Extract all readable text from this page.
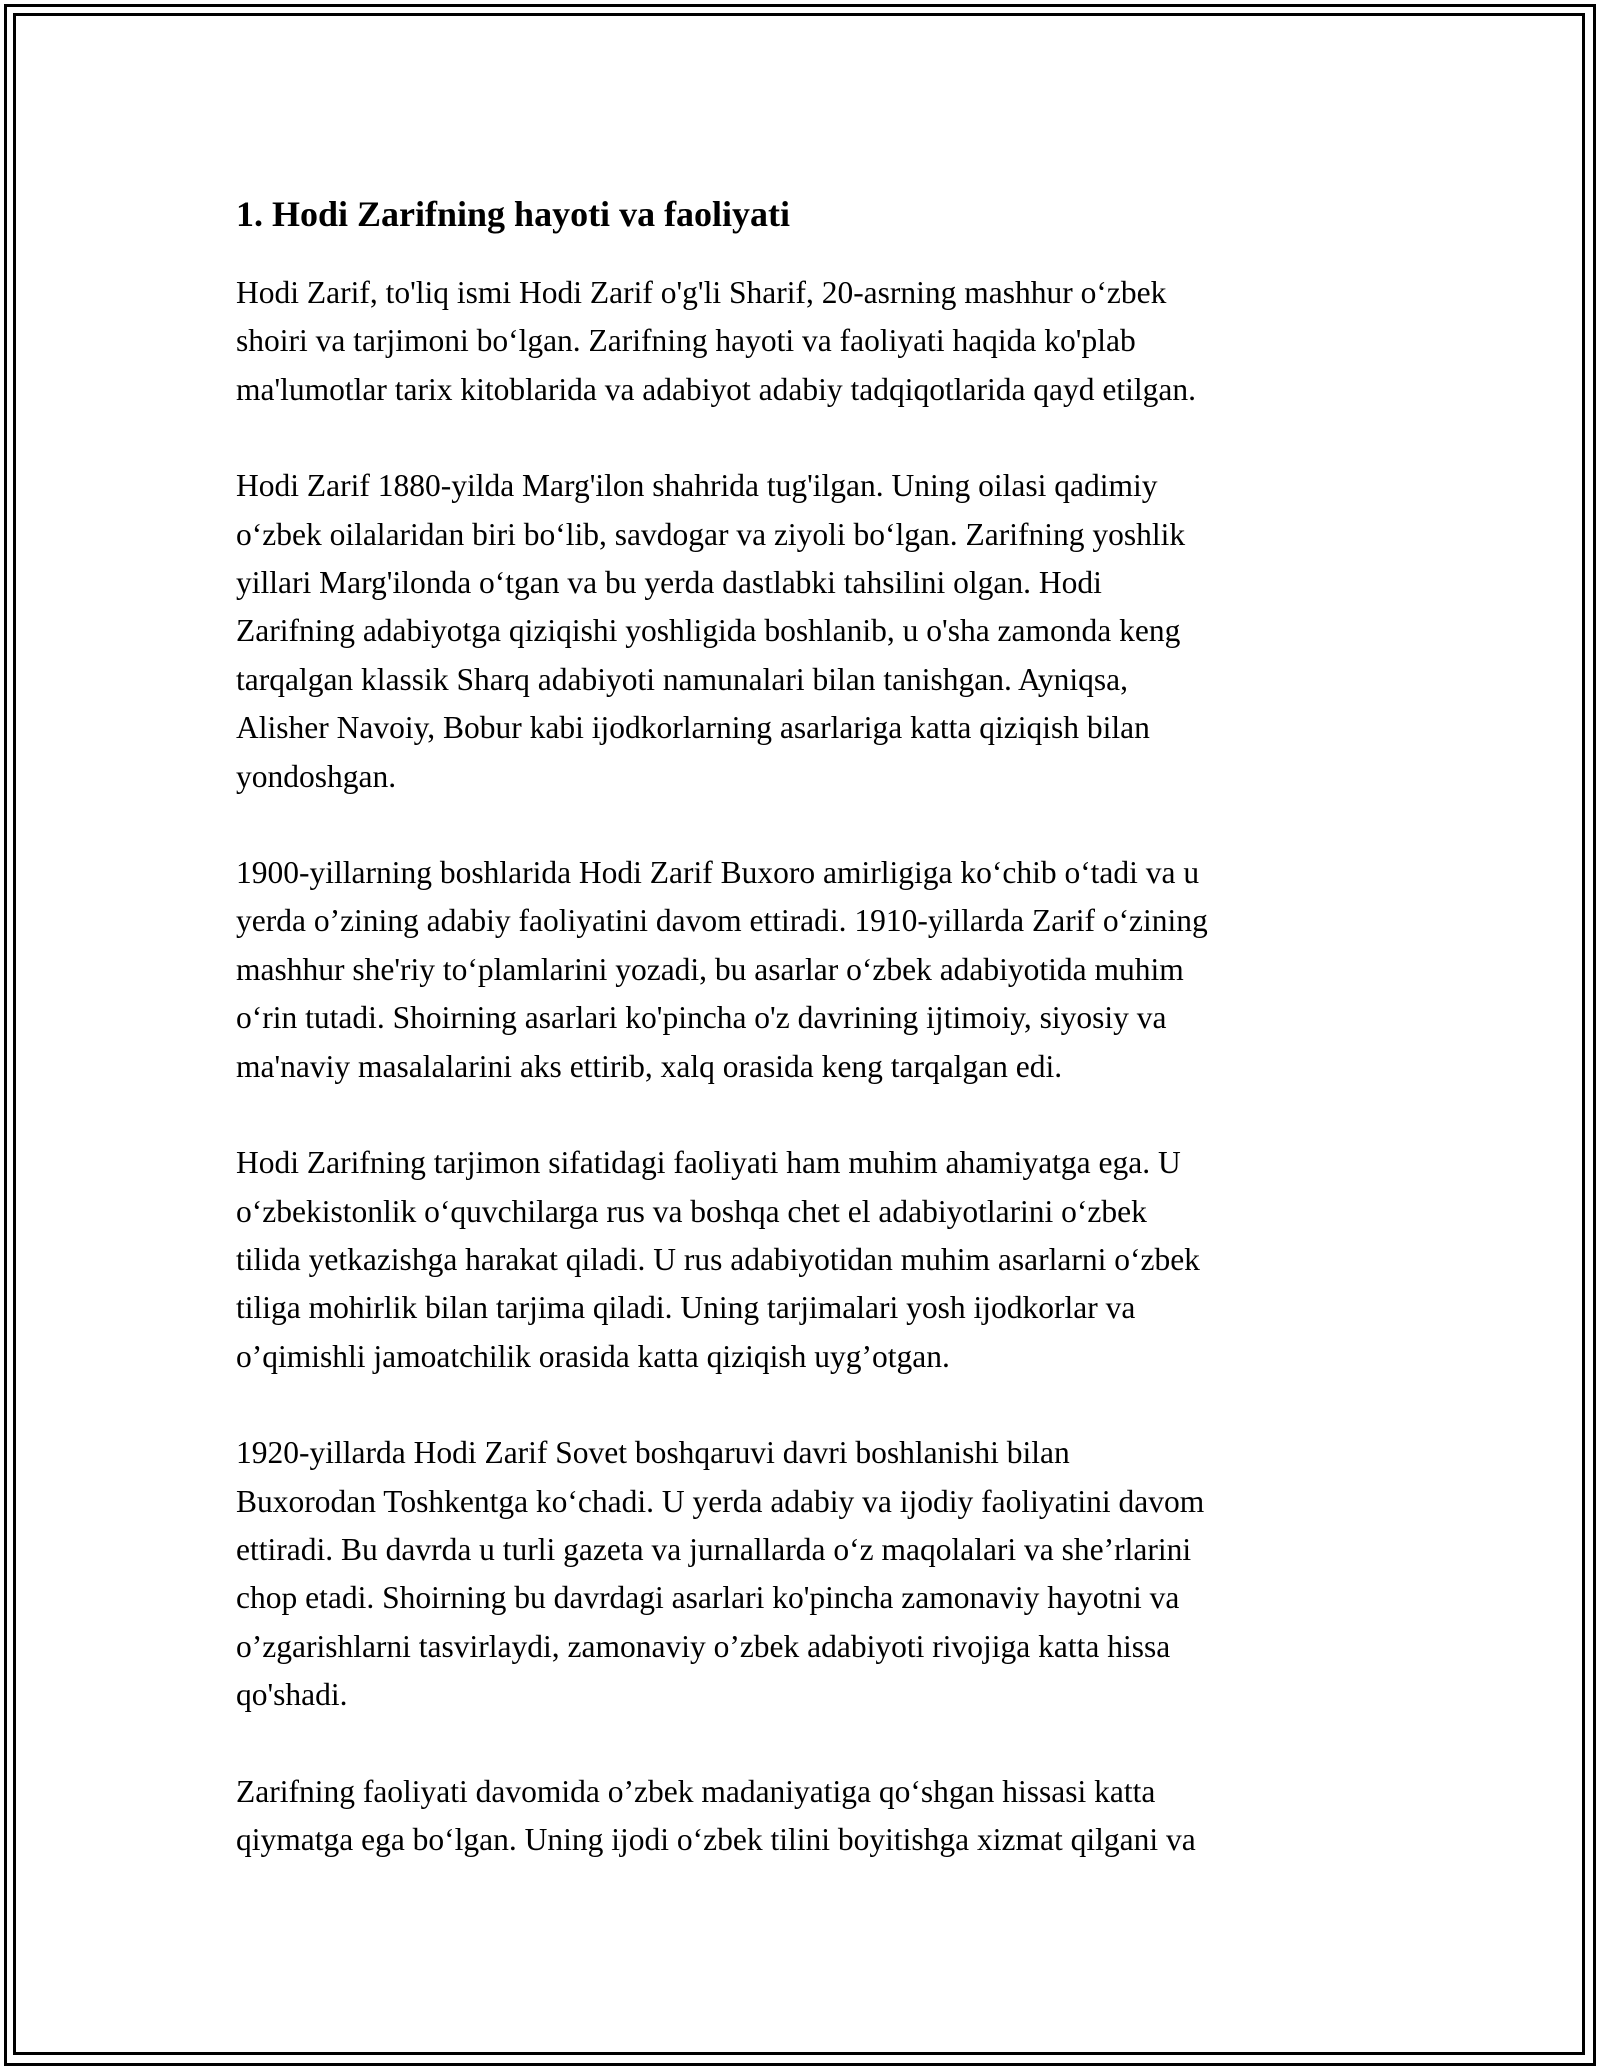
1. Hodi Zarifning hayoti va faoliyati

Hodi Zarif, to'liq ismi Hodi Zarif o'g'li Sharif, 20-asrning mashhur o‘zbek
shoiri va tarjimoni bo‘lgan. Zarifning hayoti va faoliyati haqida ko'plab
ma'lumotlar tarix kitoblarida va adabiyot adabiy tadqiqotlarida qayd etilgan.

Hodi Zarif 1880-yilda Marg'ilon shahrida tug'ilgan. Uning oilasi qadimiy
o‘zbek oilalaridan biri bo‘lib, savdogar va ziyoli bo‘lgan. Zarifning yoshlik
yillari Marg'ilonda o‘tgan va bu yerda dastlabki tahsilini olgan. Hodi
Zarifning adabiyotga qiziqishi yoshligida boshlanib, u o'sha zamonda keng
tarqalgan klassik Sharq adabiyoti namunalari bilan tanishgan. Ayniqsa,
Alisher Navoiy, Bobur kabi ijodkorlarning asarlariga katta qiziqish bilan
yondoshgan.

1900-yillarning boshlarida Hodi Zarif Buxoro amirligiga ko‘chib o‘tadi va u
yerda o’zining adabiy faoliyatini davom ettiradi. 1910-yillarda Zarif o‘zining
mashhur she'riy to‘plamlarini yozadi, bu asarlar o‘zbek adabiyotida muhim
o‘rin tutadi. Shoirning asarlari ko'pincha o'z davrining ijtimoiy, siyosiy va
ma'naviy masalalarini aks ettirib, xalq orasida keng tarqalgan edi.

Hodi Zarifning tarjimon sifatidagi faoliyati ham muhim ahamiyatga ega. U
o‘zbekistonlik o‘quvchilarga rus va boshqa chet el adabiyotlarini o‘zbek
tilida yetkazishga harakat qiladi. U rus adabiyotidan muhim asarlarni o‘zbek
tiliga mohirlik bilan tarjima qiladi. Uning tarjimalari yosh ijodkorlar va
o’qimishli jamoatchilik orasida katta qiziqish uyg’otgan.

1920-yillarda Hodi Zarif Sovet boshqaruvi davri boshlanishi bilan
Buxorodan Toshkentga ko‘chadi. U yerda adabiy va ijodiy faoliyatini davom
ettiradi. Bu davrda u turli gazeta va jurnallarda o‘z maqolalari va she’rlarini
chop etadi. Shoirning bu davrdagi asarlari ko'pincha zamonaviy hayotni va
o’zgarishlarni tasvirlaydi, zamonaviy o’zbek adabiyoti rivojiga katta hissa
qo'shadi.

Zarifning faoliyati davomida o’zbek madaniyatiga qo‘shgan hissasi katta
qiymatga ega bo‘lgan. Uning ijodi o‘zbek tilini boyitishga xizmat qilgani va
